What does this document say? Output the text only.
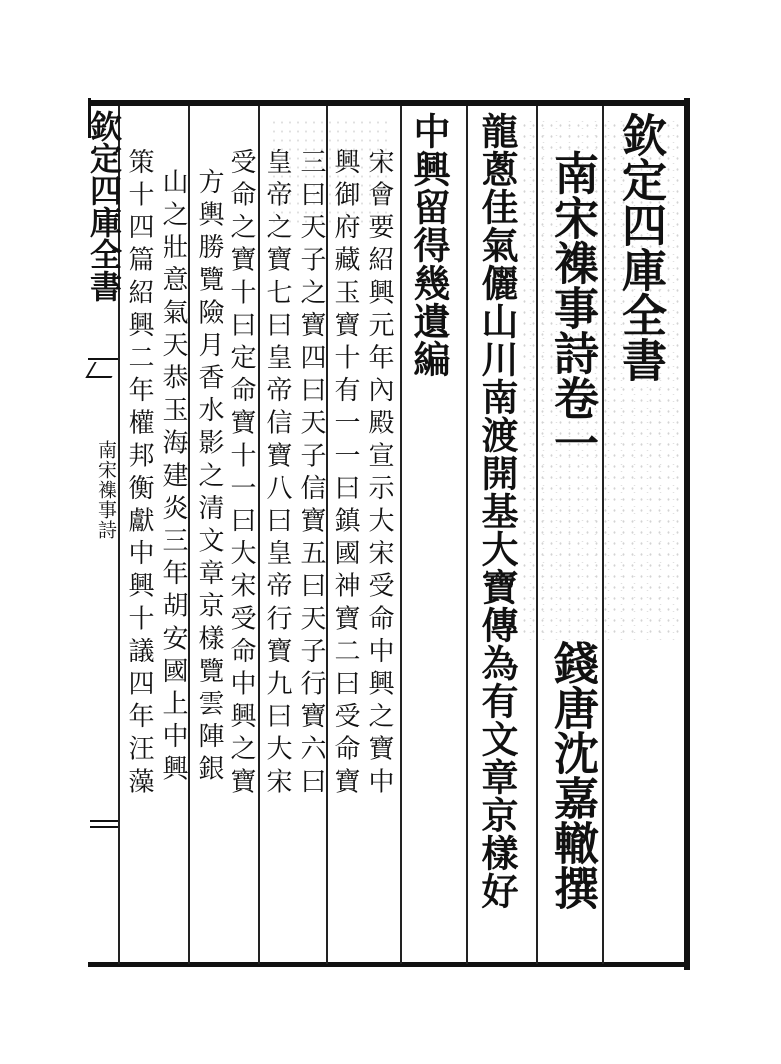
欽定四庫全書
南宋襍事詩
欽定四庫全書
南宋襍事詩卷一
錢唐沈嘉轍撰
龍蔥佳氣儷山川南渡開基大寶傳為有文章京樣好
中興留得幾遺編
宋會要紹興元年內殿宣示大宋受命中興之寶中
興御府藏玉寶十有一一曰鎮國神寶二曰受命寶
三曰天子之寶四曰天子信寶五曰天子行寶六曰
皇帝之寶七曰皇帝信寶八曰皇帝行寶九曰大宋
受命之寶十曰定命寶十一曰大宋受命中興之寶
方輿勝覽險月香水影之清文章京樣覽雲陣銀
山之壯意氣天恭玉海建炎三年胡安國上中興
策十四篇紹興二年權邦衡獻中興十議四年汪藻
